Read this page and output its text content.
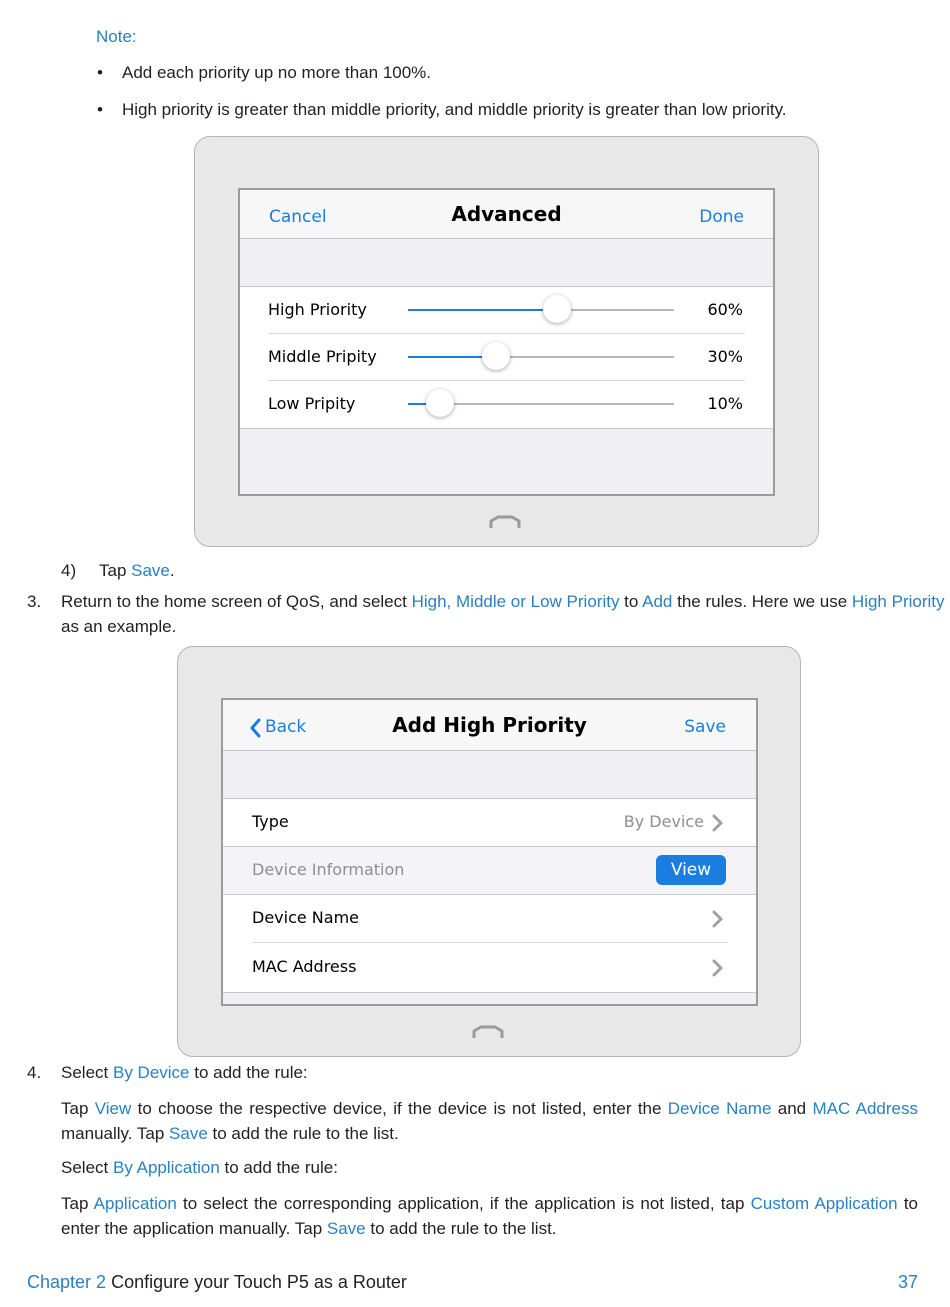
Note:
• Add each priority up no more than 100%.
• High priority is greater than middle priority, and middle priority is greater than low priority.
Cancel	Advanced	Done
High Priority	60%
Middle Pripity	30%
Low Pripity	10%
4) Tap Save.
3. Return to the home screen of QoS, and select High, Middle or Low Priority to Add the rules. Here we use High Priority
as an example.
Back	Add High Priority	Save
Type	By Device
Device Information	View
Device Name
MAC Address
4. Select By Device to add the rule:
Tap View to choose the respective device, if the device is not listed, enter the Device Name and MAC Address
manually. Tap Save to add the rule to the list.
Select By Application to add the rule:
Tap Application to select the corresponding application, if the application is not listed, tap Custom Application to
enter the application manually. Tap Save to add the rule to the list.
Chapter 2 Configure your Touch P5 as a Router	37
